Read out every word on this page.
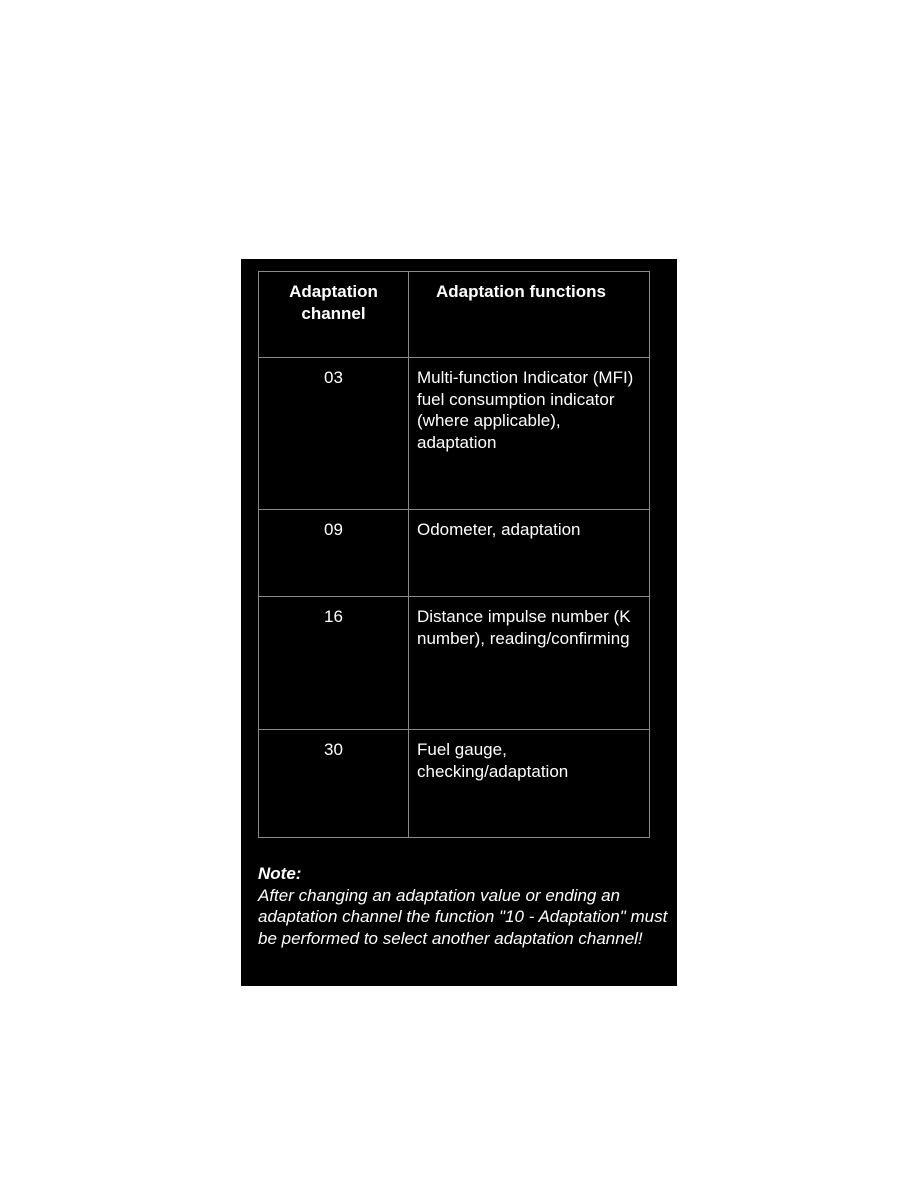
Adaptation channel	Adaptation functions
03	Multi-function Indicator (MFI) fuel consumption indicator (where applicable), adaptation
09	Odometer, adaptation
16	Distance impulse number (K number), reading/confirming
30	Fuel gauge, checking/adaptation
Note:
After changing an adaptation value or ending an adaptation channel the function "10 - Adaptation" must be performed to select another adaptation channel!
